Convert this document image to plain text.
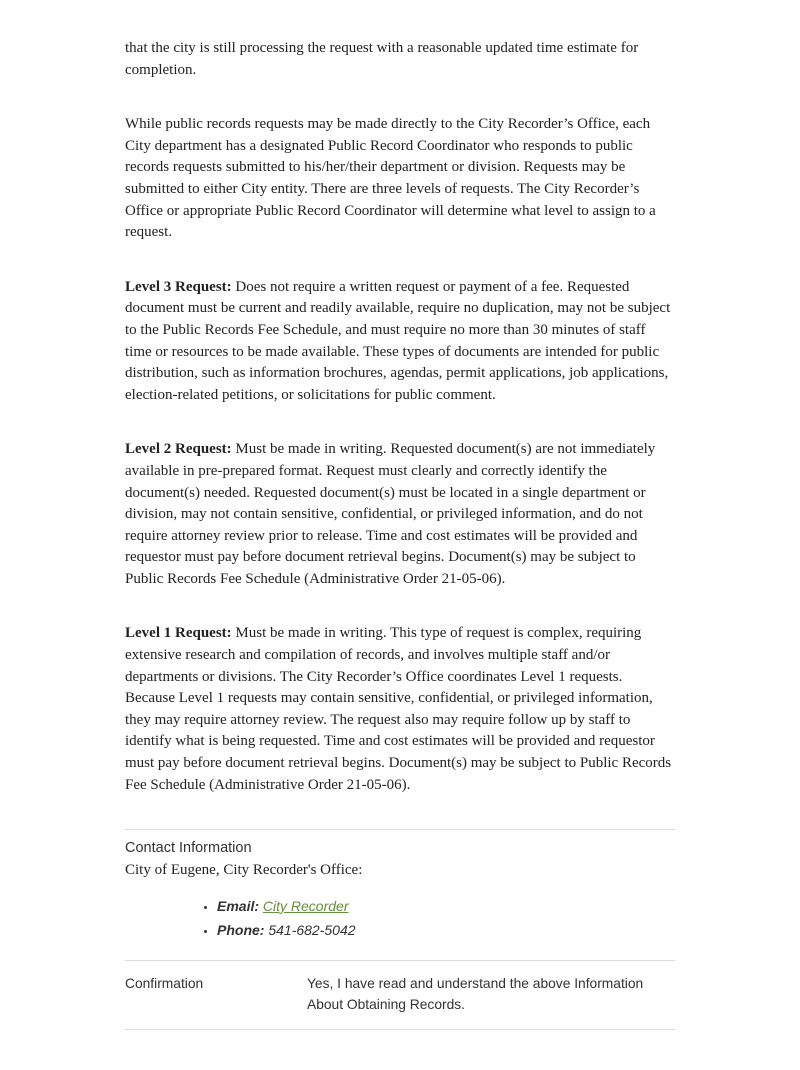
that the city is still processing the request with a reasonable updated time estimate for completion.

While public records requests may be made directly to the City Recorder’s Office, each City department has a designated Public Record Coordinator who responds to public records requests submitted to his/her/their department or division. Requests may be submitted to either City entity. There are three levels of requests. The City Recorder’s Office or appropriate Public Record Coordinator will determine what level to assign to a request.

Level 3 Request: Does not require a written request or payment of a fee. Requested document must be current and readily available, require no duplication, may not be subject to the Public Records Fee Schedule, and must require no more than 30 minutes of staff time or resources to be made available. These types of documents are intended for public distribution, such as information brochures, agendas, permit applications, job applications, election-related petitions, or solicitations for public comment.

Level 2 Request: Must be made in writing. Requested document(s) are not immediately available in pre-prepared format. Request must clearly and correctly identify the document(s) needed. Requested document(s) must be located in a single department or division, may not contain sensitive, confidential, or privileged information, and do not require attorney review prior to release. Time and cost estimates will be provided and requestor must pay before document retrieval begins. Document(s) may be subject to Public Records Fee Schedule (Administrative Order 21-05-06).

Level 1 Request: Must be made in writing. This type of request is complex, requiring extensive research and compilation of records, and involves multiple staff and/or departments or divisions. The City Recorder’s Office coordinates Level 1 requests. Because Level 1 requests may contain sensitive, confidential, or privileged information, they may require attorney review. The request also may require follow up by staff to identify what is being requested. Time and cost estimates will be provided and requestor must pay before document retrieval begins. Document(s) may be subject to Public Records Fee Schedule (Administrative Order 21-05-06).

Contact Information

City of Eugene, City Recorder's Office:

• Email: City Recorder
• Phone: 541-682-5042
Confirmation	Yes, I have read and understand the above Information About Obtaining Records.
